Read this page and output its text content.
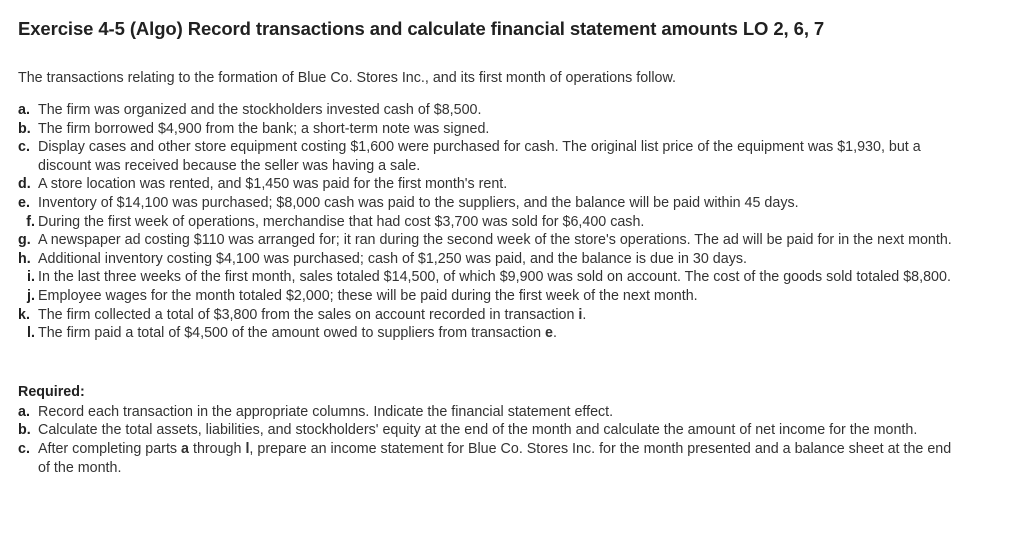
Exercise 4-5 (Algo) Record transactions and calculate financial statement amounts LO 2, 6, 7

The transactions relating to the formation of Blue Co. Stores Inc., and its first month of operations follow.

a. The firm was organized and the stockholders invested cash of $8,500.
b. The firm borrowed $4,900 from the bank; a short-term note was signed.
c. Display cases and other store equipment costing $1,600 were purchased for cash. The original list price of the equipment was $1,930, but a discount was received because the seller was having a sale.
d. A store location was rented, and $1,450 was paid for the first month's rent.
e. Inventory of $14,100 was purchased; $8,000 cash was paid to the suppliers, and the balance will be paid within 45 days.
f. During the first week of operations, merchandise that had cost $3,700 was sold for $6,400 cash.
g. A newspaper ad costing $110 was arranged for; it ran during the second week of the store's operations. The ad will be paid for in the next month.
h. Additional inventory costing $4,100 was purchased; cash of $1,250 was paid, and the balance is due in 30 days.
i. In the last three weeks of the first month, sales totaled $14,500, of which $9,900 was sold on account. The cost of the goods sold totaled $8,800.
j. Employee wages for the month totaled $2,000; these will be paid during the first week of the next month.
k. The firm collected a total of $3,800 from the sales on account recorded in transaction i.
l. The firm paid a total of $4,500 of the amount owed to suppliers from transaction e.
Required:
a. Record each transaction in the appropriate columns. Indicate the financial statement effect.
b. Calculate the total assets, liabilities, and stockholders' equity at the end of the month and calculate the amount of net income for the month.
c. After completing parts a through l, prepare an income statement for Blue Co. Stores Inc. for the month presented and a balance sheet at the end of the month.
